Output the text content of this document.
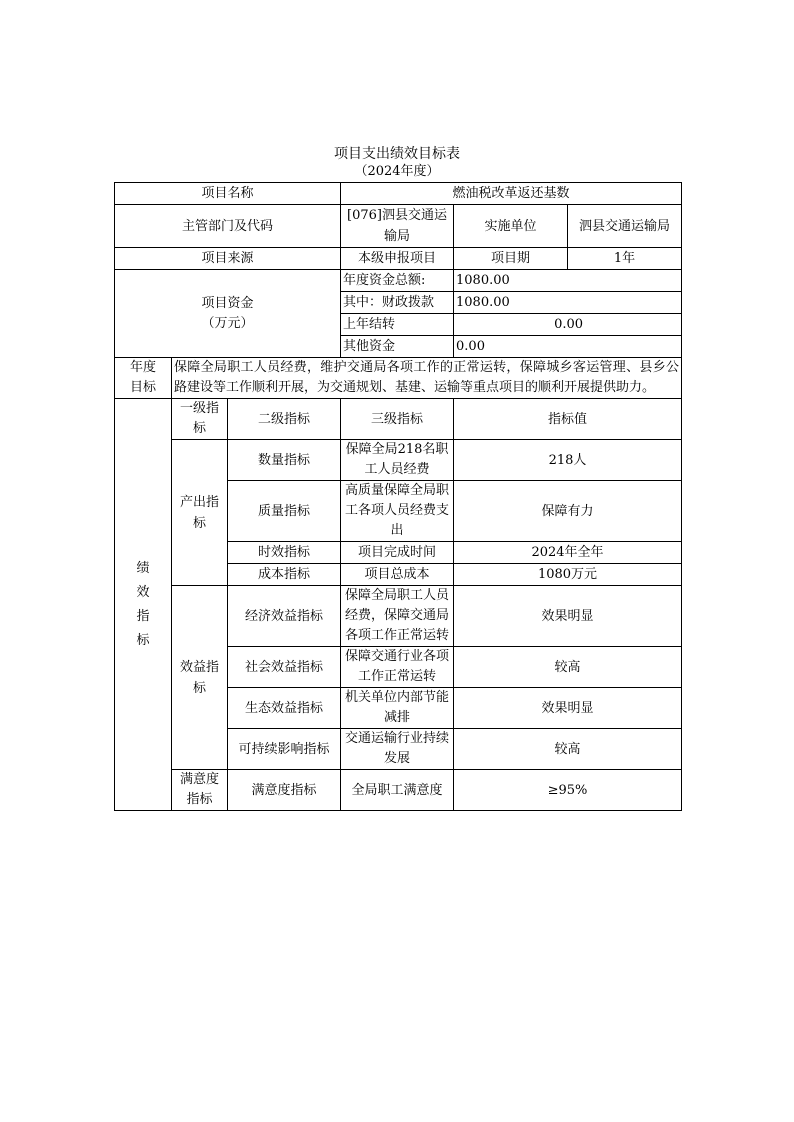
项目支出绩效目标表
（2024年度）
项目名称			燃油税改革返还基数		
主管部门及代码			[076]泗县交通运输局	实施单位	泗县交通运输局
项目来源			本级申报项目	项目期	1年

项目资金
（万元）			年度资金总额:	1080.00	
			其中：财政拨款	1080.00	
			上年结转	0.00	
			其他资金	0.00	

年度
目标	保障全局职工人员经费，维护交通局各项工作的正常运转，保障城乡客运管理、县乡公路建设等工作顺利开展，为交通规划、基建、运输等重点项目的顺利开展提供助力。				

绩
效
指
标	一级指标	二级指标	三级指标	指标值	
	产出指标	数量指标	保障全局218名职工人员经费	218人	
		质量指标	高质量保障全局职工各项人员经费支出	保障有力	
		时效指标	项目完成时间	2024年全年	
		成本指标	项目总成本	1080万元	
	效益指标	经济效益指标	保障全局职工人员经费，保障交通局各项工作正常运转	效果明显	
		社会效益指标	保障交通行业各项工作正常运转	较高	
		生态效益指标	机关单位内部节能减排	效果明显	
		可持续影响指标	交通运输行业持续发展	较高	
	满意度指标	满意度指标	全局职工满意度	≥95%	
